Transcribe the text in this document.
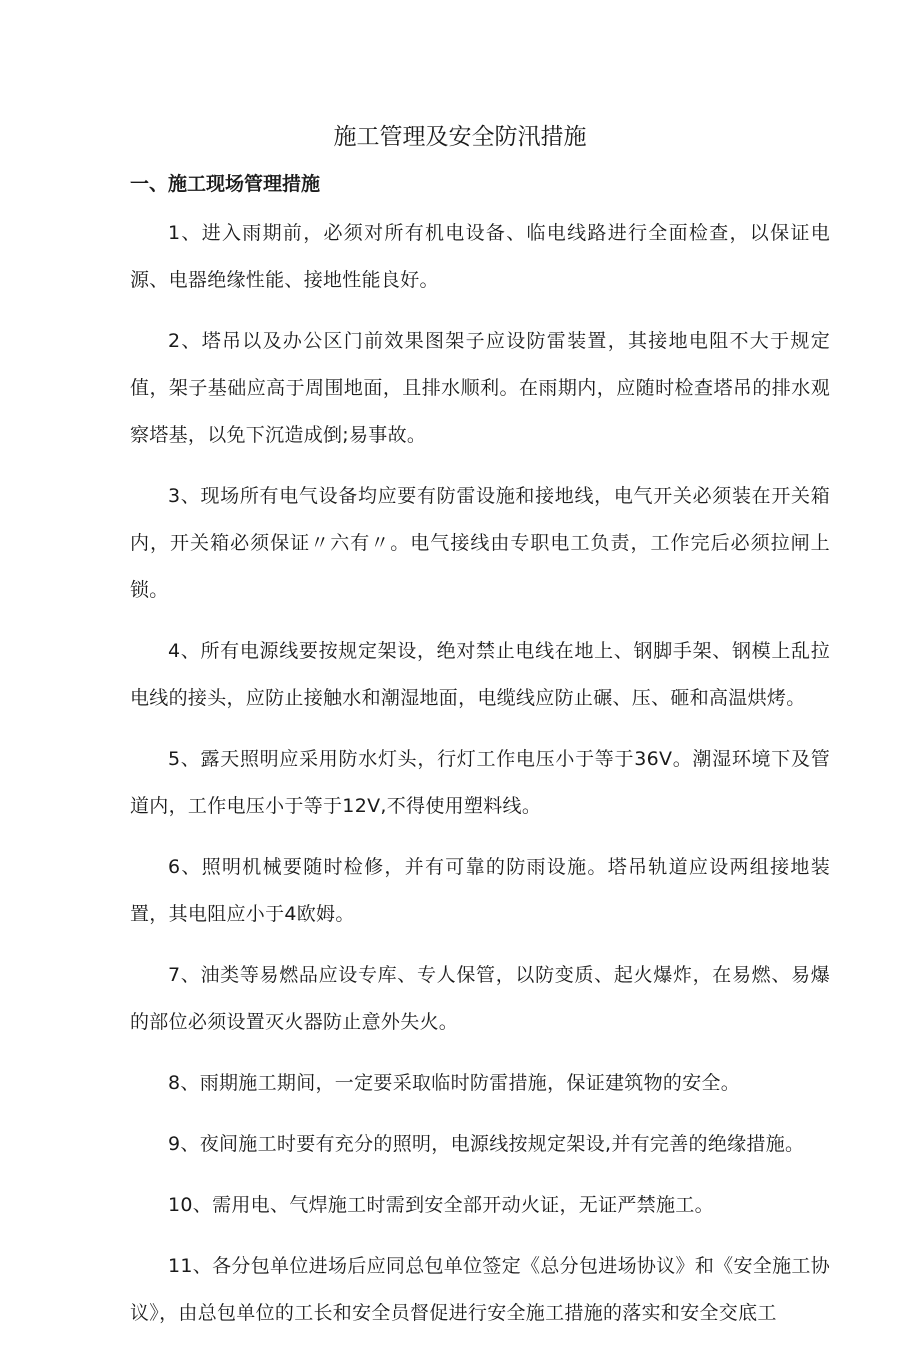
施工管理及安全防汛措施
一、施工现场管理措施

1、进入雨期前，必须对所有机电设备、临电线路进行全面检查，以保证电源、电器绝缘性能、接地性能良好。

2、塔吊以及办公区门前效果图架子应设防雷装置，其接地电阻不大于规定值，架子基础应高于周围地面，且排水顺利。在雨期内，应随时检查塔吊的排水观察塔基，以免下沉造成倒;易事故。

3、现场所有电气设备均应要有防雷设施和接地线，电气开关必须装在开关箱内，开关箱必须保证〃六有〃。电气接线由专职电工负责，工作完后必须拉闸上锁。

4、所有电源线要按规定架设，绝对禁止电线在地上、钢脚手架、钢模上乱拉电线的接头，应防止接触水和潮湿地面，电缆线应防止碾、压、砸和高温烘烤。

5、露天照明应采用防水灯头，行灯工作电压小于等于36V。潮湿环境下及管道内，工作电压小于等于12V,不得使用塑料线。

6、照明机械要随时检修，并有可靠的防雨设施。塔吊轨道应设两组接地装置，其电阻应小于4欧姆。

7、油类等易燃品应设专库、专人保管，以防变质、起火爆炸，在易燃、易爆的部位必须设置灭火器防止意外失火。

8、雨期施工期间，一定要采取临时防雷措施，保证建筑物的安全。

9、夜间施工时要有充分的照明，电源线按规定架设,并有完善的绝缘措施。

10、需用电、气焊施工时需到安全部开动火证，无证严禁施工。

11、各分包单位进场后应同总包单位签定《总分包进场协议》和《安全施工协议》，由总包单位的工长和安全员督促进行安全施工措施的落实和安全交底工
